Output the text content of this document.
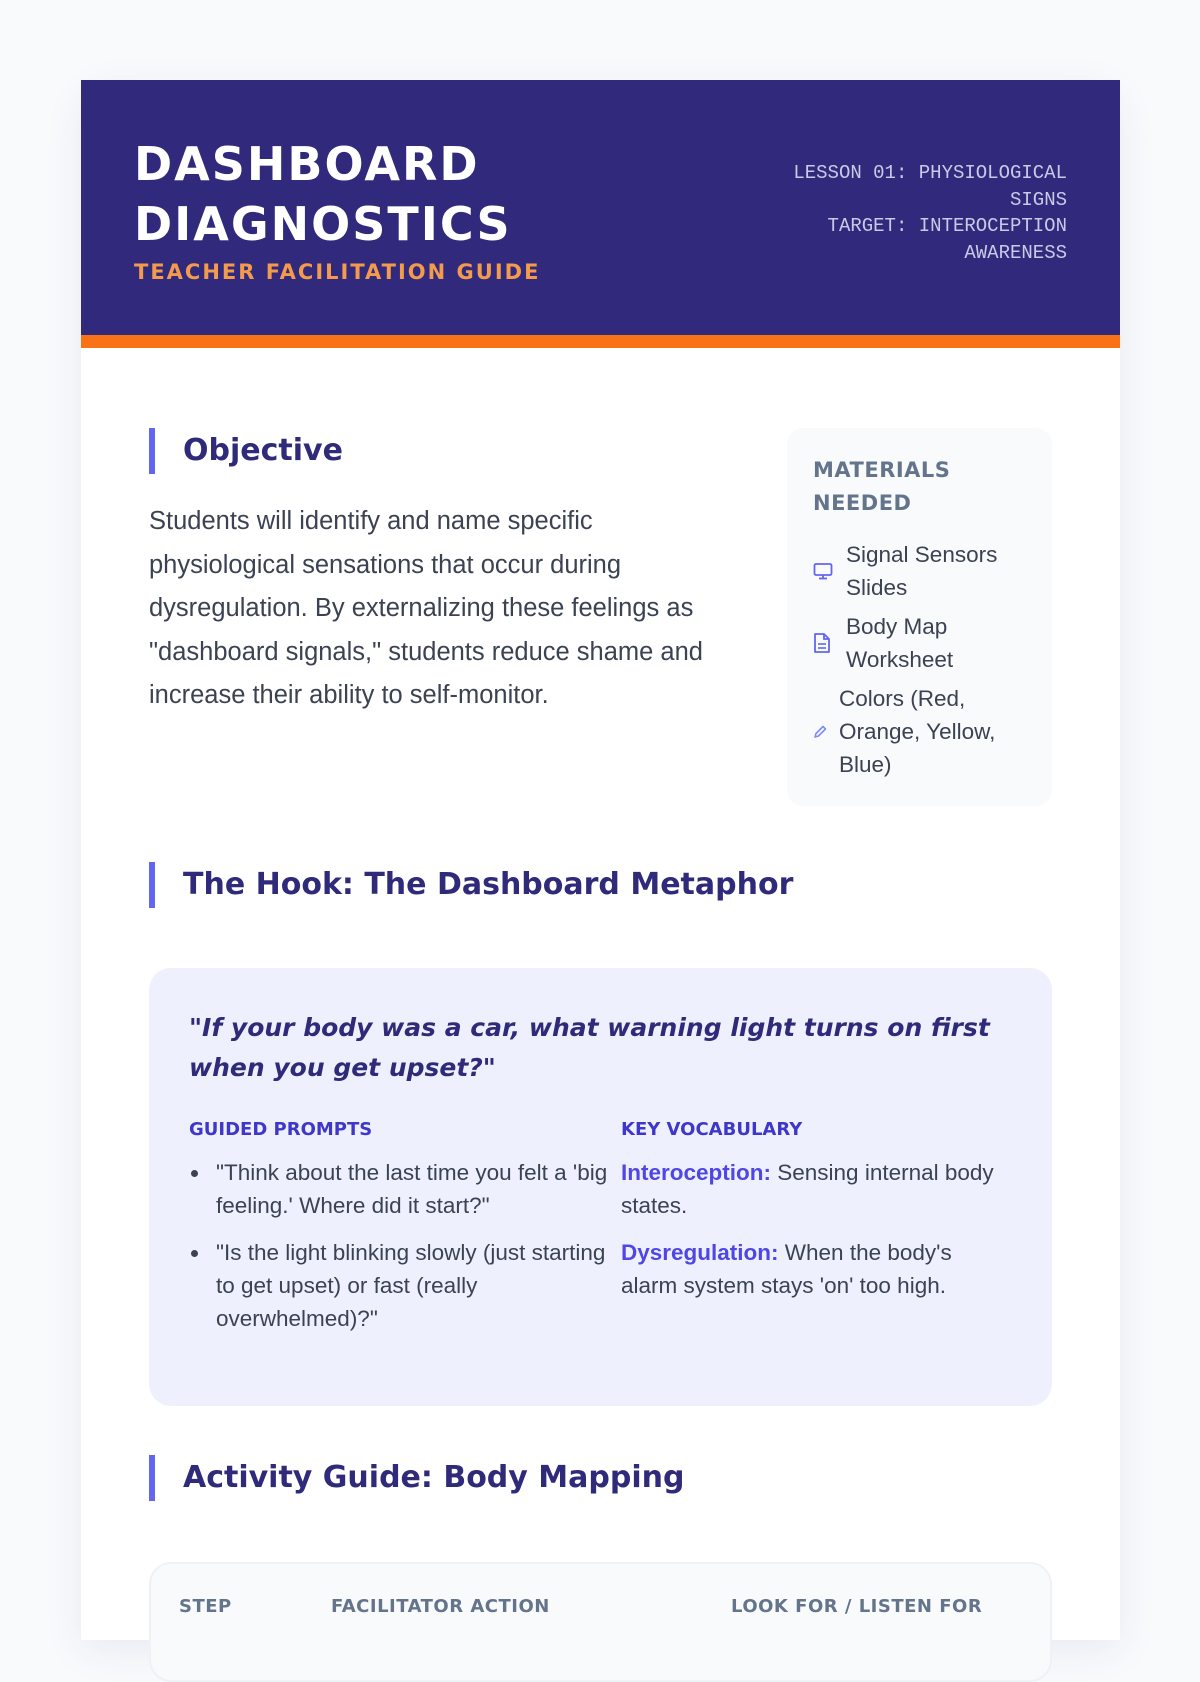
DASHBOARD
DIAGNOSTICS
TEACHER FACILITATION GUIDE
LESSON 01: PHYSIOLOGICAL
SIGNS
TARGET: INTEROCEPTION
AWARENESS
Objective

Students will identify and name specific physiological sensations that occur during dysregulation. By externalizing these feelings as "dashboard signals," students reduce shame and increase their ability to self-monitor.

MATERIALS NEEDED
Signal Sensors Slides
Body Map Worksheet
Colors (Red, Orange, Yellow, Blue)
The Hook: The Dashboard Metaphor
"If your body was a car, what warning light turns on first when you get upset?"
GUIDED PROMPTS
"Think about the last time you felt a 'big feeling.' Where did it start?"
"Is the light blinking slowly (just starting to get upset) or fast (really overwhelmed)?"
KEY VOCABULARY
Interoception: Sensing internal body states.
Dysregulation: When the body's alarm system stays 'on' too high.
Activity Guide: Body Mapping
STEP	FACILITATOR ACTION	LOOK FOR / LISTEN FOR
